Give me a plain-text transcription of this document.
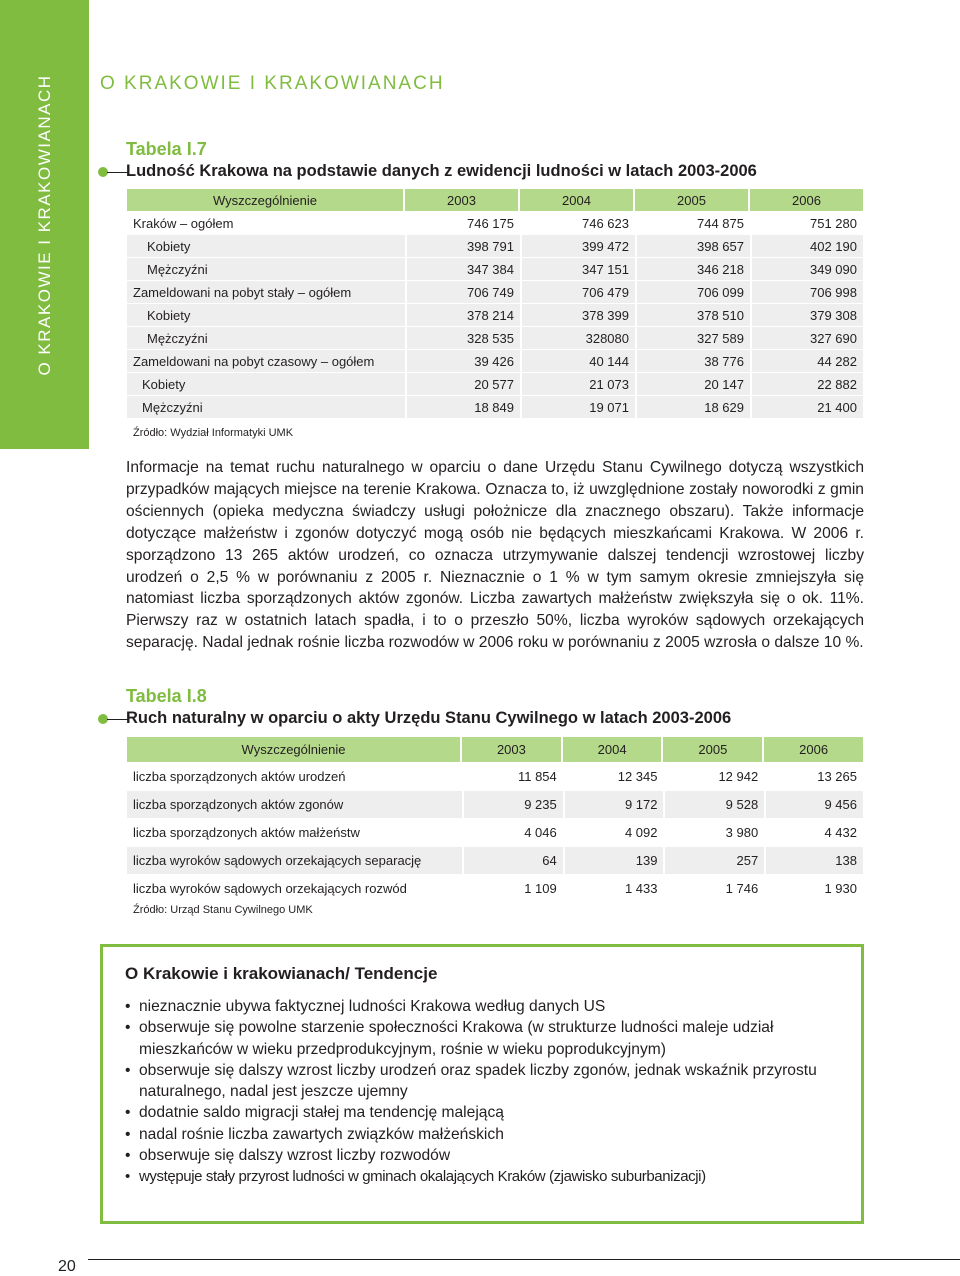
O KRAKOWIE I KRAKOWIANACH O KRAKOWIE I KRAKOWIANACH
Tabela I.7
Ludność Krakowa na podstawie danych z ewidencji ludności w latach 2003-2006
Wyszczególnienie	2003	2004	2005	2006
Kraków – ogółem	746 175	746 623	744 875	751 280
Kobiety	398 791	399 472	398 657	402 190
Mężczyźni	347 384	347 151	346 218	349 090
Zameldowani na pobyt stały – ogółem	706 749	706 479	706 099	706 998
Kobiety	378 214	378 399	378 510	379 308
Mężczyźni	328 535	328080	327 589	327 690
Zameldowani na pobyt czasowy – ogółem	39 426	40 144	38 776	44 282
Kobiety	20 577	21 073	20 147	22 882
Mężczyźni	18 849	19 071	18 629	21 400
Źródło: Wydział Informatyki UMK

Informacje na temat ruchu naturalnego w oparciu o dane Urzędu Stanu Cywilnego dotyczą wszystkich przypadków mających miejsce na terenie Krakowa. Oznacza to, iż uwzględnione zostały noworodki z gmin ościennych (opieka medyczna świadczy usługi położnicze dla znacznego obszaru). Także informacje dotyczące małżeństw i zgonów dotyczyć mogą osób nie będących mieszkańcami Krakowa. W 2006 r. sporządzono 13 265 aktów urodzeń, co oznacza utrzymywanie dalszej tendencji wzrostowej liczby urodzeń o 2,5 % w porównaniu z 2005 r. Nieznacznie o 1 % w tym samym okresie zmniejszyła się natomiast liczba sporządzonych aktów zgonów. Liczba zawartych małżeństw zwiększyła się o ok. 11%. Pierwszy raz w ostatnich latach spadła, i to o przeszło 50%, liczba wyroków sądowych orzekających separację. Nadal jednak rośnie liczba rozwodów w 2006 roku w porównaniu z 2005 wzrosła o dalsze 10 %.

Tabela I.8
Ruch naturalny w oparciu o akty Urzędu Stanu Cywilnego w latach 2003-2006
Wyszczególnienie	2003	2004	2005	2006
liczba sporządzonych aktów urodzeń	11 854	12 345	12 942	13 265
liczba sporządzonych aktów zgonów	9 235	9 172	9 528	9 456
liczba sporządzonych aktów małżeństw	4 046	4 092	3 980	4 432
liczba wyroków sądowych orzekających separację	64	139	257	138
liczba wyroków sądowych orzekających rozwód	1 109	1 433	1 746	1 930
Źródło: Urząd Stanu Cywilnego UMK
O Krakowie i krakowianach/ Tendencje
• nieznacznie ubywa faktycznej ludności Krakowa według danych US
• obserwuje się powolne starzenie społeczności Krakowa (w strukturze ludności maleje udział mieszkańców w wieku przedprodukcyjnym, rośnie w wieku poprodukcyjnym)
• obserwuje się dalszy wzrost liczby urodzeń oraz spadek liczby zgonów, jednak wskaźnik przyrostu naturalnego, nadal jest jeszcze ujemny
• dodatnie saldo migracji stałej ma tendencję malejącą
• nadal rośnie liczba zawartych związków małżeńskich
• obserwuje się dalszy wzrost liczby rozwodów
• występuje stały przyrost ludności w gminach okalających Kraków (zjawisko suburbanizacji)
20
